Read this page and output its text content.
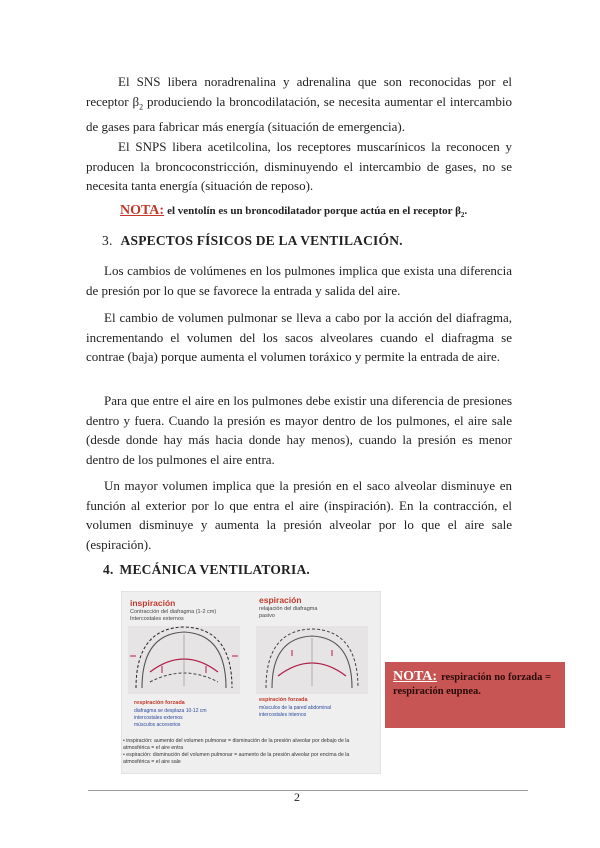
El SNS libera noradrenalina y adrenalina que son reconocidas por el receptor $\beta_2$ produciendo la broncodilatación, se necesita aumentar el intercambio de gases para fabricar más energía (situación de emergencia).

El SNPS libera acetilcolina, los receptores muscarínicos la reconocen y producen la broncoconstricción, disminuyendo el intercambio de gases, no se necesita tanta energía (situación de reposo).

NOTA: el ventolín es un broncodilatador porque actúa en el receptor $\beta_2$.
3. ASPECTOS FÍSICOS DE LA VENTILACIÓN.

Los cambios de volúmenes en los pulmones implica que exista una diferencia de presión por lo que se favorece la entrada y salida del aire.

El cambio de volumen pulmonar se lleva a cabo por la acción del diafragma, incrementando el volumen del los sacos alveolares cuando el diafragma se contrae (baja) porque aumenta el volumen toráxico y permite la entrada de aire.

Para que entre el aire en los pulmones debe existir una diferencia de presiones dentro y fuera. Cuando la presión es mayor dentro de los pulmones, el aire sale (desde donde hay más hacia donde hay menos), cuando la presión es menor dentro de los pulmones el aire entra.

Un mayor volumen implica que la presión en el saco alveolar disminuye en función al exterior por lo que entra el aire (inspiración). En la contracción, el volumen disminuye y aumenta la presión alveolar por lo que el aire sale (espiración).

4. MECÁNICA VENTILATORIA.
inspiración
Contracción del diafragma (1-2 cm)
Intercostales externos
espiración
relajación del diafragma
pasivo
respiración forzada
diafragma se desplaza 10-12 cm
intercostales externos
músculos accesorios
espiración forzada
músculos de la pared abdominal
intercostales internos
• inspiración: aumento del volumen pulmonar = disminución de la presión alveolar por debajo de la atmosférica = el aire entra
• espiración: disminución del volumen pulmonar = aumento de la presión alveolar por encima de la atmosférica = el aire sale
NOTA: respiración no forzada = respiración eupnea.
2
